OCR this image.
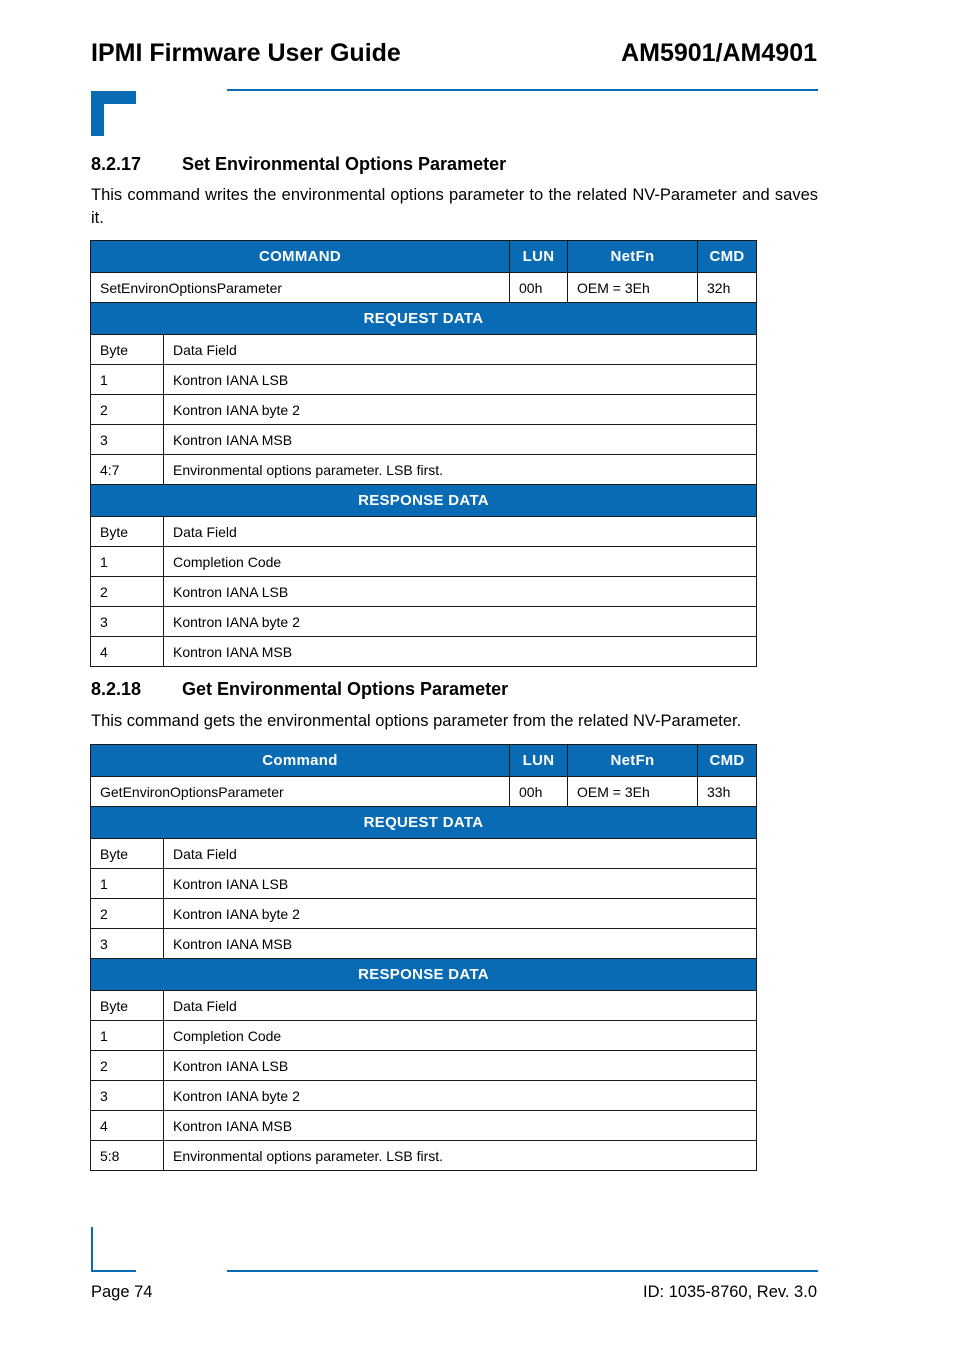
IPMI Firmware User Guide	AM5901/AM4901
8.2.17 Set Environmental Options Parameter
This command writes the environmental options parameter to the related NV-Parameter and saves it.
COMMAND		LUN	NetFn	CMD
SetEnvironOptionsParameter		00h	OEM = 3Eh	32h
REQUEST DATA				
Byte	Data Field			
1	Kontron IANA LSB			
2	Kontron IANA byte 2			
3	Kontron IANA MSB			
4:7	Environmental options parameter. LSB first.			
RESPONSE DATA				
Byte	Data Field			
1	Completion Code			
2	Kontron IANA LSB			
3	Kontron IANA byte 2			
4	Kontron IANA MSB			
8.2.18 Get Environmental Options Parameter
This command gets the environmental options parameter from the related NV-Parameter.
Command		LUN	NetFn	CMD
GetEnvironOptionsParameter		00h	OEM = 3Eh	33h
REQUEST DATA				
Byte	Data Field			
1	Kontron IANA LSB			
2	Kontron IANA byte 2			
3	Kontron IANA MSB			
RESPONSE DATA				
Byte	Data Field			
1	Completion Code			
2	Kontron IANA LSB			
3	Kontron IANA byte 2			
4	Kontron IANA MSB			
5:8	Environmental options parameter. LSB first.			
Page 74	ID: 1035-8760, Rev. 3.0
